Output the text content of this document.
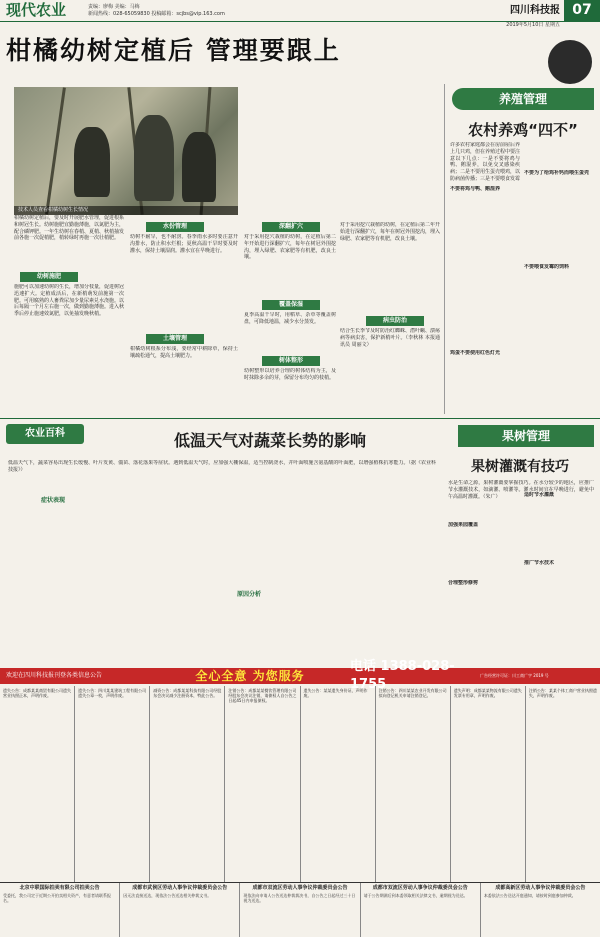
现代农业	责编：廖梅 美编：马梅
新闻热线：028-65059830 投稿邮箱：scjbs@vip.163.com	四川科技报 07
2019年5月10日 星期五
柑橘幼树定植后 管理要跟上
技术人员查看柑橘幼树生长情况
柑橘幼树定植后，要及时开展肥水管理，促进根系和树冠生长。幼树施肥宜勤施薄施，以氮肥为主，配合磷钾肥。一年生幼树在春梢、夏梢、秋梢抽发前各施一次促梢肥，梢转绿时再施一次壮梢肥。
幼树施肥
施肥可以加速幼树的生长，增加分枝量，促进树冠迅速扩大。定植成活后，在新梢萌发前施第一次肥。可用腐熟的人畜粪尿加少量尿素兑水浇施。以后每隔一个月左右施一次，做到勤施薄施。进入秋季后停止施速效氮肥，以免抽发晚秋梢。
水份管理
幼树不耐旱，也不耐涝。春季雨水多时要注意开沟排水，防止积水烂根；夏秋高温干旱时要及时灌水，保持土壤湿润。灌水宜在早晚进行。
土壤管理
柑橘幼树根系分布浅，要经常中耕除草，保持土壤疏松通气，提高土壤肥力。
深翻扩穴
对于采用挖穴栽植的幼树，在定植后第二年开始进行深翻扩穴，每年在树冠外围挖沟，埋入绿肥、农家肥等有机肥，改良土壤。
覆盖保湿
夏季高温干旱时，用稻草、杂草等覆盖树盘，可降低地温，减少水分蒸发。
树体整形
幼树整形以培养合理的树体结构为主，及时抹除多余的芽，保留分布均匀的枝梢。
病虫防治
结合生长季节及时防治红蜘蛛、潜叶蛾、溃疡病等病虫害，保护新梢叶片。（李秋林 本报通讯员 周丽文）
对于采用挖穴栽植的幼树，在定植后第二年开始进行深翻扩穴，每年在树冠外围挖沟，埋入绿肥、农家肥等有机肥，改良土壤。
养殖管理
农村养鸡“四不”
许多农村家庭都会在房前屋后养上几只鸡，但在养殖过程中要注意以下几点：一是不要将鸡与鸭、鹅混养，以免交叉感染疾病；二是不要用生蛋壳喂鸡，以防病菌传播；三是不要喂食发霉
不要将鸡与鸭、鹅混养
不要为了给鸡补钙而喂生蛋壳
不要喂食发霉的饲料
鸡蛋不要使用红色灯光
农业百科	低温天气对蔬菜长势的影响
低温天气下，蔬菜容易出现生长缓慢、叶片发黄、僵苗、落花落果等症状。遇到低温天气时，应加强大棚保温，适当控制浇水，并叶面喷施含氨基酸的叶面肥，以增强植株抗寒能力。（据《农业科技报》）
症状表现
原因分析
果树管理
果树灌溉有技巧
水是生命之源，果树灌溉要掌握技巧。在水分较少的地区，应推广节水灌溉技术，如滴灌、喷灌等。灌水时间宜在早晚进行，避免中午高温时灌溉。（朱广）
加强果园覆盖
合理整形修剪
适时节水灌溉
推广节水技术
欢迎在四川科技报刊登各类信息公告	全心全意 为您服务
电话 1388-028-1755
广告经营许可证：川工商广字 2019 号
遗失公告：成都某某商贸有限公司遗失营业执照正本，声明作废。
遗失公告：四川某某建筑工程有限公司遗失公章一枚，声明作废。
减资公告：成都某某科技有限公司经股东会决议减少注册资本，特此公告。
注销公告：成都某某餐饮管理有限公司经股东会决议注销，请债权人自公告之日起45日内申报债权。
遗失公告：某某遗失身份证，声明作废。
注销公告：四川某某农业开发有限公司拟向登记机关申请注销登记。
遗失声明：成都某某物流有限公司遗失发票专用章，声明作废。
注销公告：某某个体工商户营业执照遗失，声明作废。
北京中联国际拍卖有限公司拍卖公告
受委托，我公司定于近期公开拍卖相关资产，有意者请联系报名。
成都市武侯区劳动人事争议仲裁委员会公告
因无法直接送达，现依法公告送达相关仲裁文书。
成都市双流区劳动人事争议仲裁委员会公告
现依法向申请人公告送达仲裁裁决书，自公告之日起经过三十日视为送达。
成都市双流区劳动人事争议仲裁委员会公告
请于公告期满后到本委领取相关法律文书，逾期视为送达。
成都高新区劳动人事争议仲裁委员会公告
本委依法公告送达开庭通知，请按时到庭参加仲裁。
